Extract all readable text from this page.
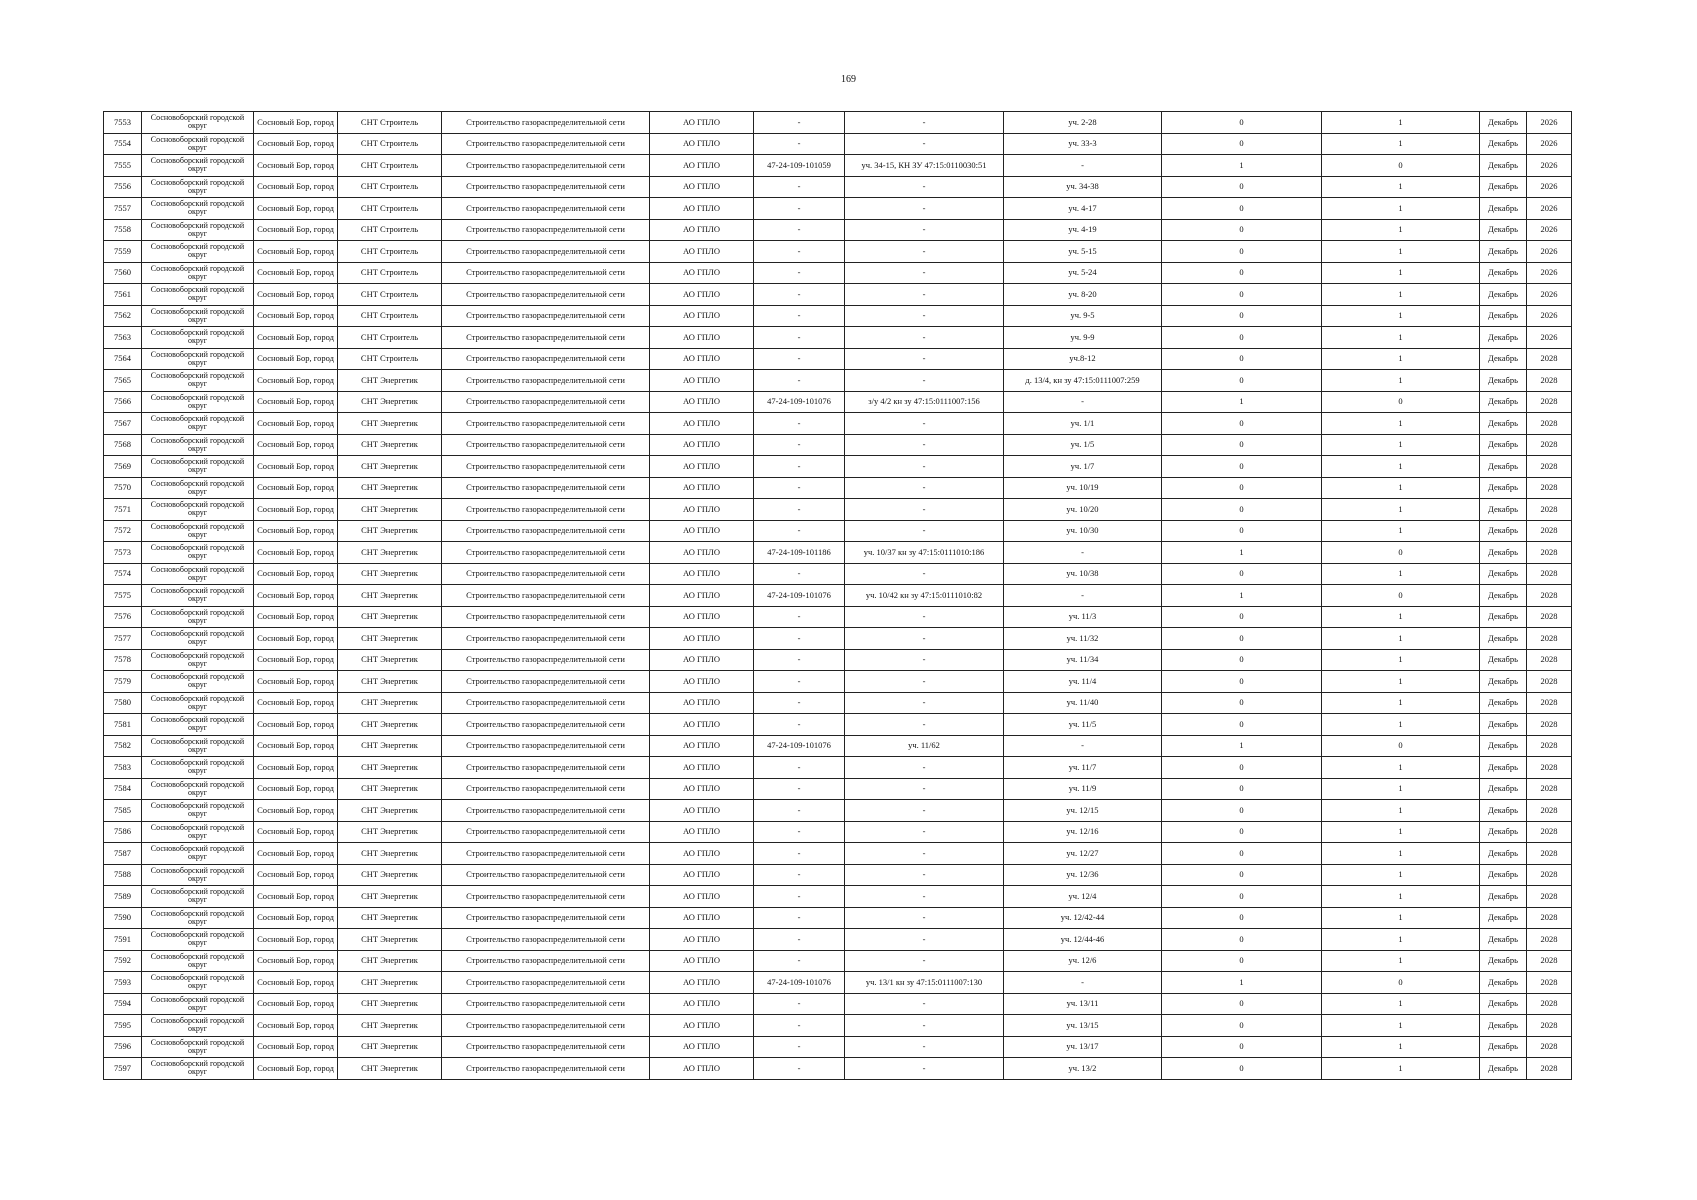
169
7553	Сосновоборский городской округ	Сосновый Бор, город	СНТ Строитель	Строительство газораспределительной сети	АО ГПЛО	-	-	уч. 2-28	0	1	Декабрь	2026
7554	Сосновоборский городской округ	Сосновый Бор, город	СНТ Строитель	Строительство газораспределительной сети	АО ГПЛО	-	-	уч. 33-3	0	1	Декабрь	2026
7555	Сосновоборский городской округ	Сосновый Бор, город	СНТ Строитель	Строительство газораспределительной сети	АО ГПЛО	47-24-109-101059	уч. 34-15, КН ЗУ 47:15:0110030:51	-	1	0	Декабрь	2026
7556	Сосновоборский городской округ	Сосновый Бор, город	СНТ Строитель	Строительство газораспределительной сети	АО ГПЛО	-	-	уч. 34-38	0	1	Декабрь	2026
7557	Сосновоборский городской округ	Сосновый Бор, город	СНТ Строитель	Строительство газораспределительной сети	АО ГПЛО	-	-	уч. 4-17	0	1	Декабрь	2026
7558	Сосновоборский городской округ	Сосновый Бор, город	СНТ Строитель	Строительство газораспределительной сети	АО ГПЛО	-	-	уч. 4-19	0	1	Декабрь	2026
7559	Сосновоборский городской округ	Сосновый Бор, город	СНТ Строитель	Строительство газораспределительной сети	АО ГПЛО	-	-	уч. 5-15	0	1	Декабрь	2026
7560	Сосновоборский городской округ	Сосновый Бор, город	СНТ Строитель	Строительство газораспределительной сети	АО ГПЛО	-	-	уч. 5-24	0	1	Декабрь	2026
7561	Сосновоборский городской округ	Сосновый Бор, город	СНТ Строитель	Строительство газораспределительной сети	АО ГПЛО	-	-	уч. 8-20	0	1	Декабрь	2026
7562	Сосновоборский городской округ	Сосновый Бор, город	СНТ Строитель	Строительство газораспределительной сети	АО ГПЛО	-	-	уч. 9-5	0	1	Декабрь	2026
7563	Сосновоборский городской округ	Сосновый Бор, город	СНТ Строитель	Строительство газораспределительной сети	АО ГПЛО	-	-	уч. 9-9	0	1	Декабрь	2026
7564	Сосновоборский городской округ	Сосновый Бор, город	СНТ Строитель	Строительство газораспределительной сети	АО ГПЛО	-	-	уч.8-12	0	1	Декабрь	2028
7565	Сосновоборский городской округ	Сосновый Бор, город	СНТ Энергетик	Строительство газораспределительной сети	АО ГПЛО	-	-	д. 13/4, кн зу 47:15:0111007:259	0	1	Декабрь	2028
7566	Сосновоборский городской округ	Сосновый Бор, город	СНТ Энергетик	Строительство газораспределительной сети	АО ГПЛО	47-24-109-101076	з/у 4/2 кн зу 47:15:0111007:156	-	1	0	Декабрь	2028
7567	Сосновоборский городской округ	Сосновый Бор, город	СНТ Энергетик	Строительство газораспределительной сети	АО ГПЛО	-	-	уч. 1/1	0	1	Декабрь	2028
7568	Сосновоборский городской округ	Сосновый Бор, город	СНТ Энергетик	Строительство газораспределительной сети	АО ГПЛО	-	-	уч. 1/5	0	1	Декабрь	2028
7569	Сосновоборский городской округ	Сосновый Бор, город	СНТ Энергетик	Строительство газораспределительной сети	АО ГПЛО	-	-	уч. 1/7	0	1	Декабрь	2028
7570	Сосновоборский городской округ	Сосновый Бор, город	СНТ Энергетик	Строительство газораспределительной сети	АО ГПЛО	-	-	уч. 10/19	0	1	Декабрь	2028
7571	Сосновоборский городской округ	Сосновый Бор, город	СНТ Энергетик	Строительство газораспределительной сети	АО ГПЛО	-	-	уч. 10/20	0	1	Декабрь	2028
7572	Сосновоборский городской округ	Сосновый Бор, город	СНТ Энергетик	Строительство газораспределительной сети	АО ГПЛО	-	-	уч. 10/30	0	1	Декабрь	2028
7573	Сосновоборский городской округ	Сосновый Бор, город	СНТ Энергетик	Строительство газораспределительной сети	АО ГПЛО	47-24-109-101186	уч. 10/37 кн зу 47:15:0111010:186	-	1	0	Декабрь	2028
7574	Сосновоборский городской округ	Сосновый Бор, город	СНТ Энергетик	Строительство газораспределительной сети	АО ГПЛО	-	-	уч. 10/38	0	1	Декабрь	2028
7575	Сосновоборский городской округ	Сосновый Бор, город	СНТ Энергетик	Строительство газораспределительной сети	АО ГПЛО	47-24-109-101076	уч. 10/42 кн зу 47:15:0111010:82	-	1	0	Декабрь	2028
7576	Сосновоборский городской округ	Сосновый Бор, город	СНТ Энергетик	Строительство газораспределительной сети	АО ГПЛО	-	-	уч. 11/3	0	1	Декабрь	2028
7577	Сосновоборский городской округ	Сосновый Бор, город	СНТ Энергетик	Строительство газораспределительной сети	АО ГПЛО	-	-	уч. 11/32	0	1	Декабрь	2028
7578	Сосновоборский городской округ	Сосновый Бор, город	СНТ Энергетик	Строительство газораспределительной сети	АО ГПЛО	-	-	уч. 11/34	0	1	Декабрь	2028
7579	Сосновоборский городской округ	Сосновый Бор, город	СНТ Энергетик	Строительство газораспределительной сети	АО ГПЛО	-	-	уч. 11/4	0	1	Декабрь	2028
7580	Сосновоборский городской округ	Сосновый Бор, город	СНТ Энергетик	Строительство газораспределительной сети	АО ГПЛО	-	-	уч. 11/40	0	1	Декабрь	2028
7581	Сосновоборский городской округ	Сосновый Бор, город	СНТ Энергетик	Строительство газораспределительной сети	АО ГПЛО	-	-	уч. 11/5	0	1	Декабрь	2028
7582	Сосновоборский городской округ	Сосновый Бор, город	СНТ Энергетик	Строительство газораспределительной сети	АО ГПЛО	47-24-109-101076	уч. 11/62	-	1	0	Декабрь	2028
7583	Сосновоборский городской округ	Сосновый Бор, город	СНТ Энергетик	Строительство газораспределительной сети	АО ГПЛО	-	-	уч. 11/7	0	1	Декабрь	2028
7584	Сосновоборский городской округ	Сосновый Бор, город	СНТ Энергетик	Строительство газораспределительной сети	АО ГПЛО	-	-	уч. 11/9	0	1	Декабрь	2028
7585	Сосновоборский городской округ	Сосновый Бор, город	СНТ Энергетик	Строительство газораспределительной сети	АО ГПЛО	-	-	уч. 12/15	0	1	Декабрь	2028
7586	Сосновоборский городской округ	Сосновый Бор, город	СНТ Энергетик	Строительство газораспределительной сети	АО ГПЛО	-	-	уч. 12/16	0	1	Декабрь	2028
7587	Сосновоборский городской округ	Сосновый Бор, город	СНТ Энергетик	Строительство газораспределительной сети	АО ГПЛО	-	-	уч. 12/27	0	1	Декабрь	2028
7588	Сосновоборский городской округ	Сосновый Бор, город	СНТ Энергетик	Строительство газораспределительной сети	АО ГПЛО	-	-	уч. 12/36	0	1	Декабрь	2028
7589	Сосновоборский городской округ	Сосновый Бор, город	СНТ Энергетик	Строительство газораспределительной сети	АО ГПЛО	-	-	уч. 12/4	0	1	Декабрь	2028
7590	Сосновоборский городской округ	Сосновый Бор, город	СНТ Энергетик	Строительство газораспределительной сети	АО ГПЛО	-	-	уч. 12/42-44	0	1	Декабрь	2028
7591	Сосновоборский городской округ	Сосновый Бор, город	СНТ Энергетик	Строительство газораспределительной сети	АО ГПЛО	-	-	уч. 12/44-46	0	1	Декабрь	2028
7592	Сосновоборский городской округ	Сосновый Бор, город	СНТ Энергетик	Строительство газораспределительной сети	АО ГПЛО	-	-	уч. 12/6	0	1	Декабрь	2028
7593	Сосновоборский городской округ	Сосновый Бор, город	СНТ Энергетик	Строительство газораспределительной сети	АО ГПЛО	47-24-109-101076	уч. 13/1 кн зу 47:15:0111007:130	-	1	0	Декабрь	2028
7594	Сосновоборский городской округ	Сосновый Бор, город	СНТ Энергетик	Строительство газораспределительной сети	АО ГПЛО	-	-	уч. 13/11	0	1	Декабрь	2028
7595	Сосновоборский городской округ	Сосновый Бор, город	СНТ Энергетик	Строительство газораспределительной сети	АО ГПЛО	-	-	уч. 13/15	0	1	Декабрь	2028
7596	Сосновоборский городской округ	Сосновый Бор, город	СНТ Энергетик	Строительство газораспределительной сети	АО ГПЛО	-	-	уч. 13/17	0	1	Декабрь	2028
7597	Сосновоборский городской округ	Сосновый Бор, город	СНТ Энергетик	Строительство газораспределительной сети	АО ГПЛО	-	-	уч. 13/2	0	1	Декабрь	2028
